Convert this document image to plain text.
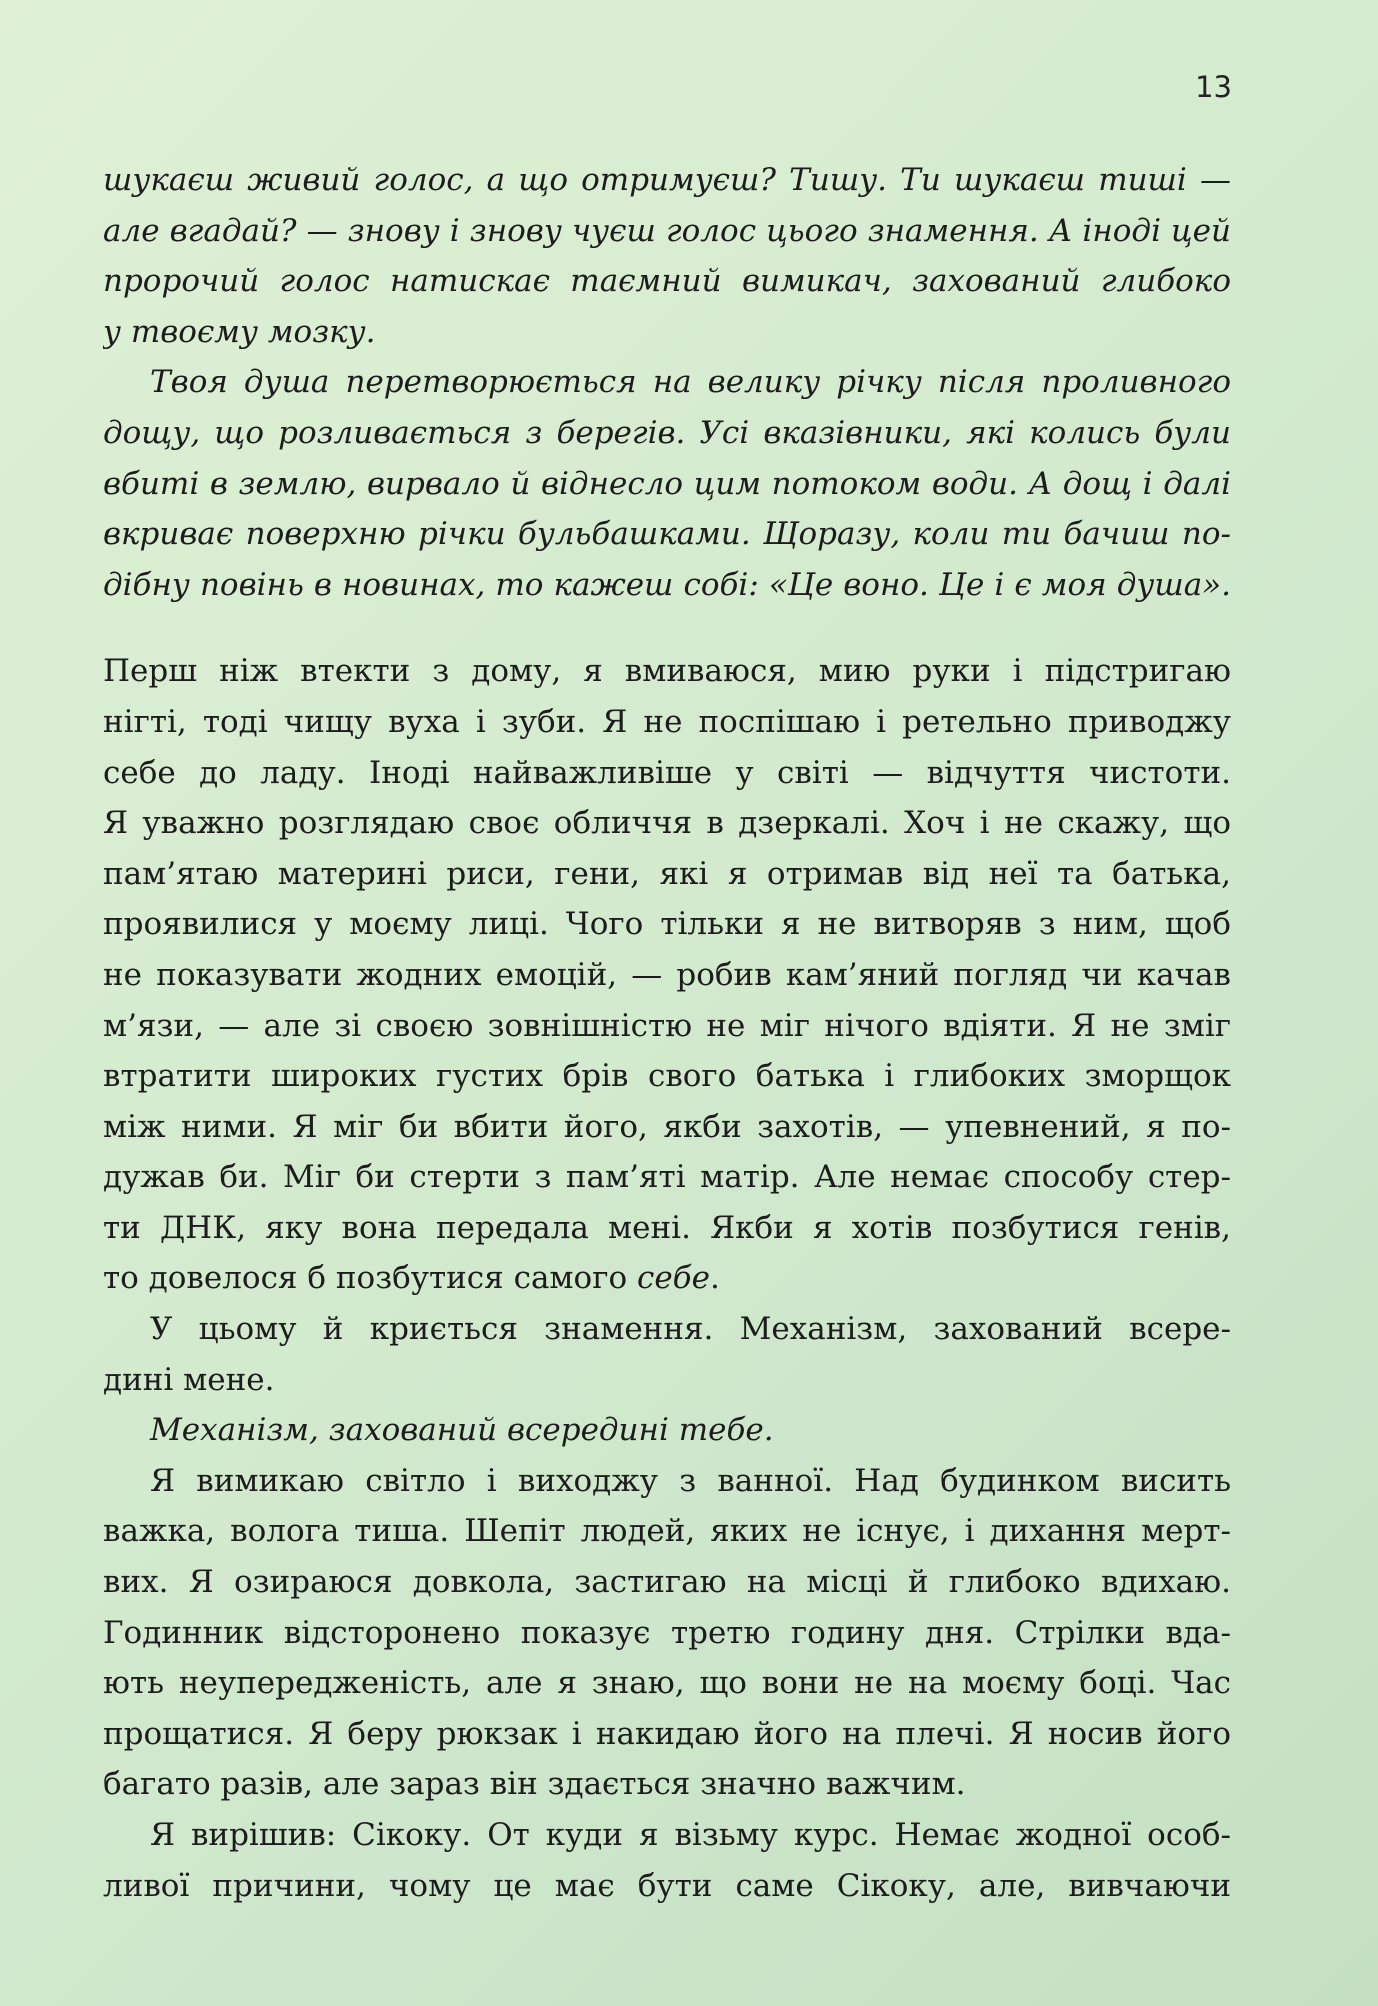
13
шукаєш живий голос, а що отримуєш? Тишу. Ти шукаєш тиші —
але вгадай? — знову і знову чуєш голос цього знамення. А іноді цей
пророчий голос натискає таємний вимикач, захований глибоко
у твоєму мозку.
Твоя душа перетворюється на велику річку після проливного
дощу, що розливається з берегів. Усі вказівники, які колись були
вбиті в землю, вирвало й віднесло цим потоком води. А дощ і далі
вкриває поверхню річки бульбашками. Щоразу, коли ти бачиш по-
дібну повінь в новинах, то кажеш собі: «Це воно. Це і є моя душа».
Перш ніж втекти з дому, я вмиваюся, мию руки і підстригаю
нігті, тоді чищу вуха і зуби. Я не поспішаю і ретельно приводжу
себе до ладу. Іноді найважливіше у світі — відчуття чистоти.
Я уважно розглядаю своє обличчя в дзеркалі. Хоч і не скажу, що
пам’ятаю материні риси, гени, які я отримав від неї та батька,
проявилися у моєму лиці. Чого тільки я не витворяв з ним, щоб
не показувати жодних емоцій, — робив кам’яний погляд чи качав
м’язи, — але зі своєю зовнішністю не міг нічого вдіяти. Я не зміг
втратити широких густих брів свого батька і глибоких зморщок
між ними. Я міг би вбити його, якби захотів, — упевнений, я по-
дужав би. Міг би стерти з пам’яті матір. Але немає способу стер-
ти ДНК, яку вона передала мені. Якби я хотів позбутися генів,
то довелося б позбутися самого себе.
У цьому й криється знамення. Механізм, захований всере-
дині мене.
Механізм, захований всередині тебе.
Я вимикаю світло і виходжу з ванної. Над будинком висить
важка, волога тиша. Шепіт людей, яких не існує, і дихання мерт-
вих. Я озираюся довкола, застигаю на місці й глибоко вдихаю.
Годинник відсторонено показує третю годину дня. Стрілки вда-
ють неупередженість, але я знаю, що вони не на моєму боці. Час
прощатися. Я беру рюкзак і накидаю його на плечі. Я носив його
багато разів, але зараз він здається значно важчим.
Я вирішив: Сікоку. От куди я візьму курс. Немає жодної особ-
ливої причини, чому це має бути саме Сікоку, але, вивчаючи
